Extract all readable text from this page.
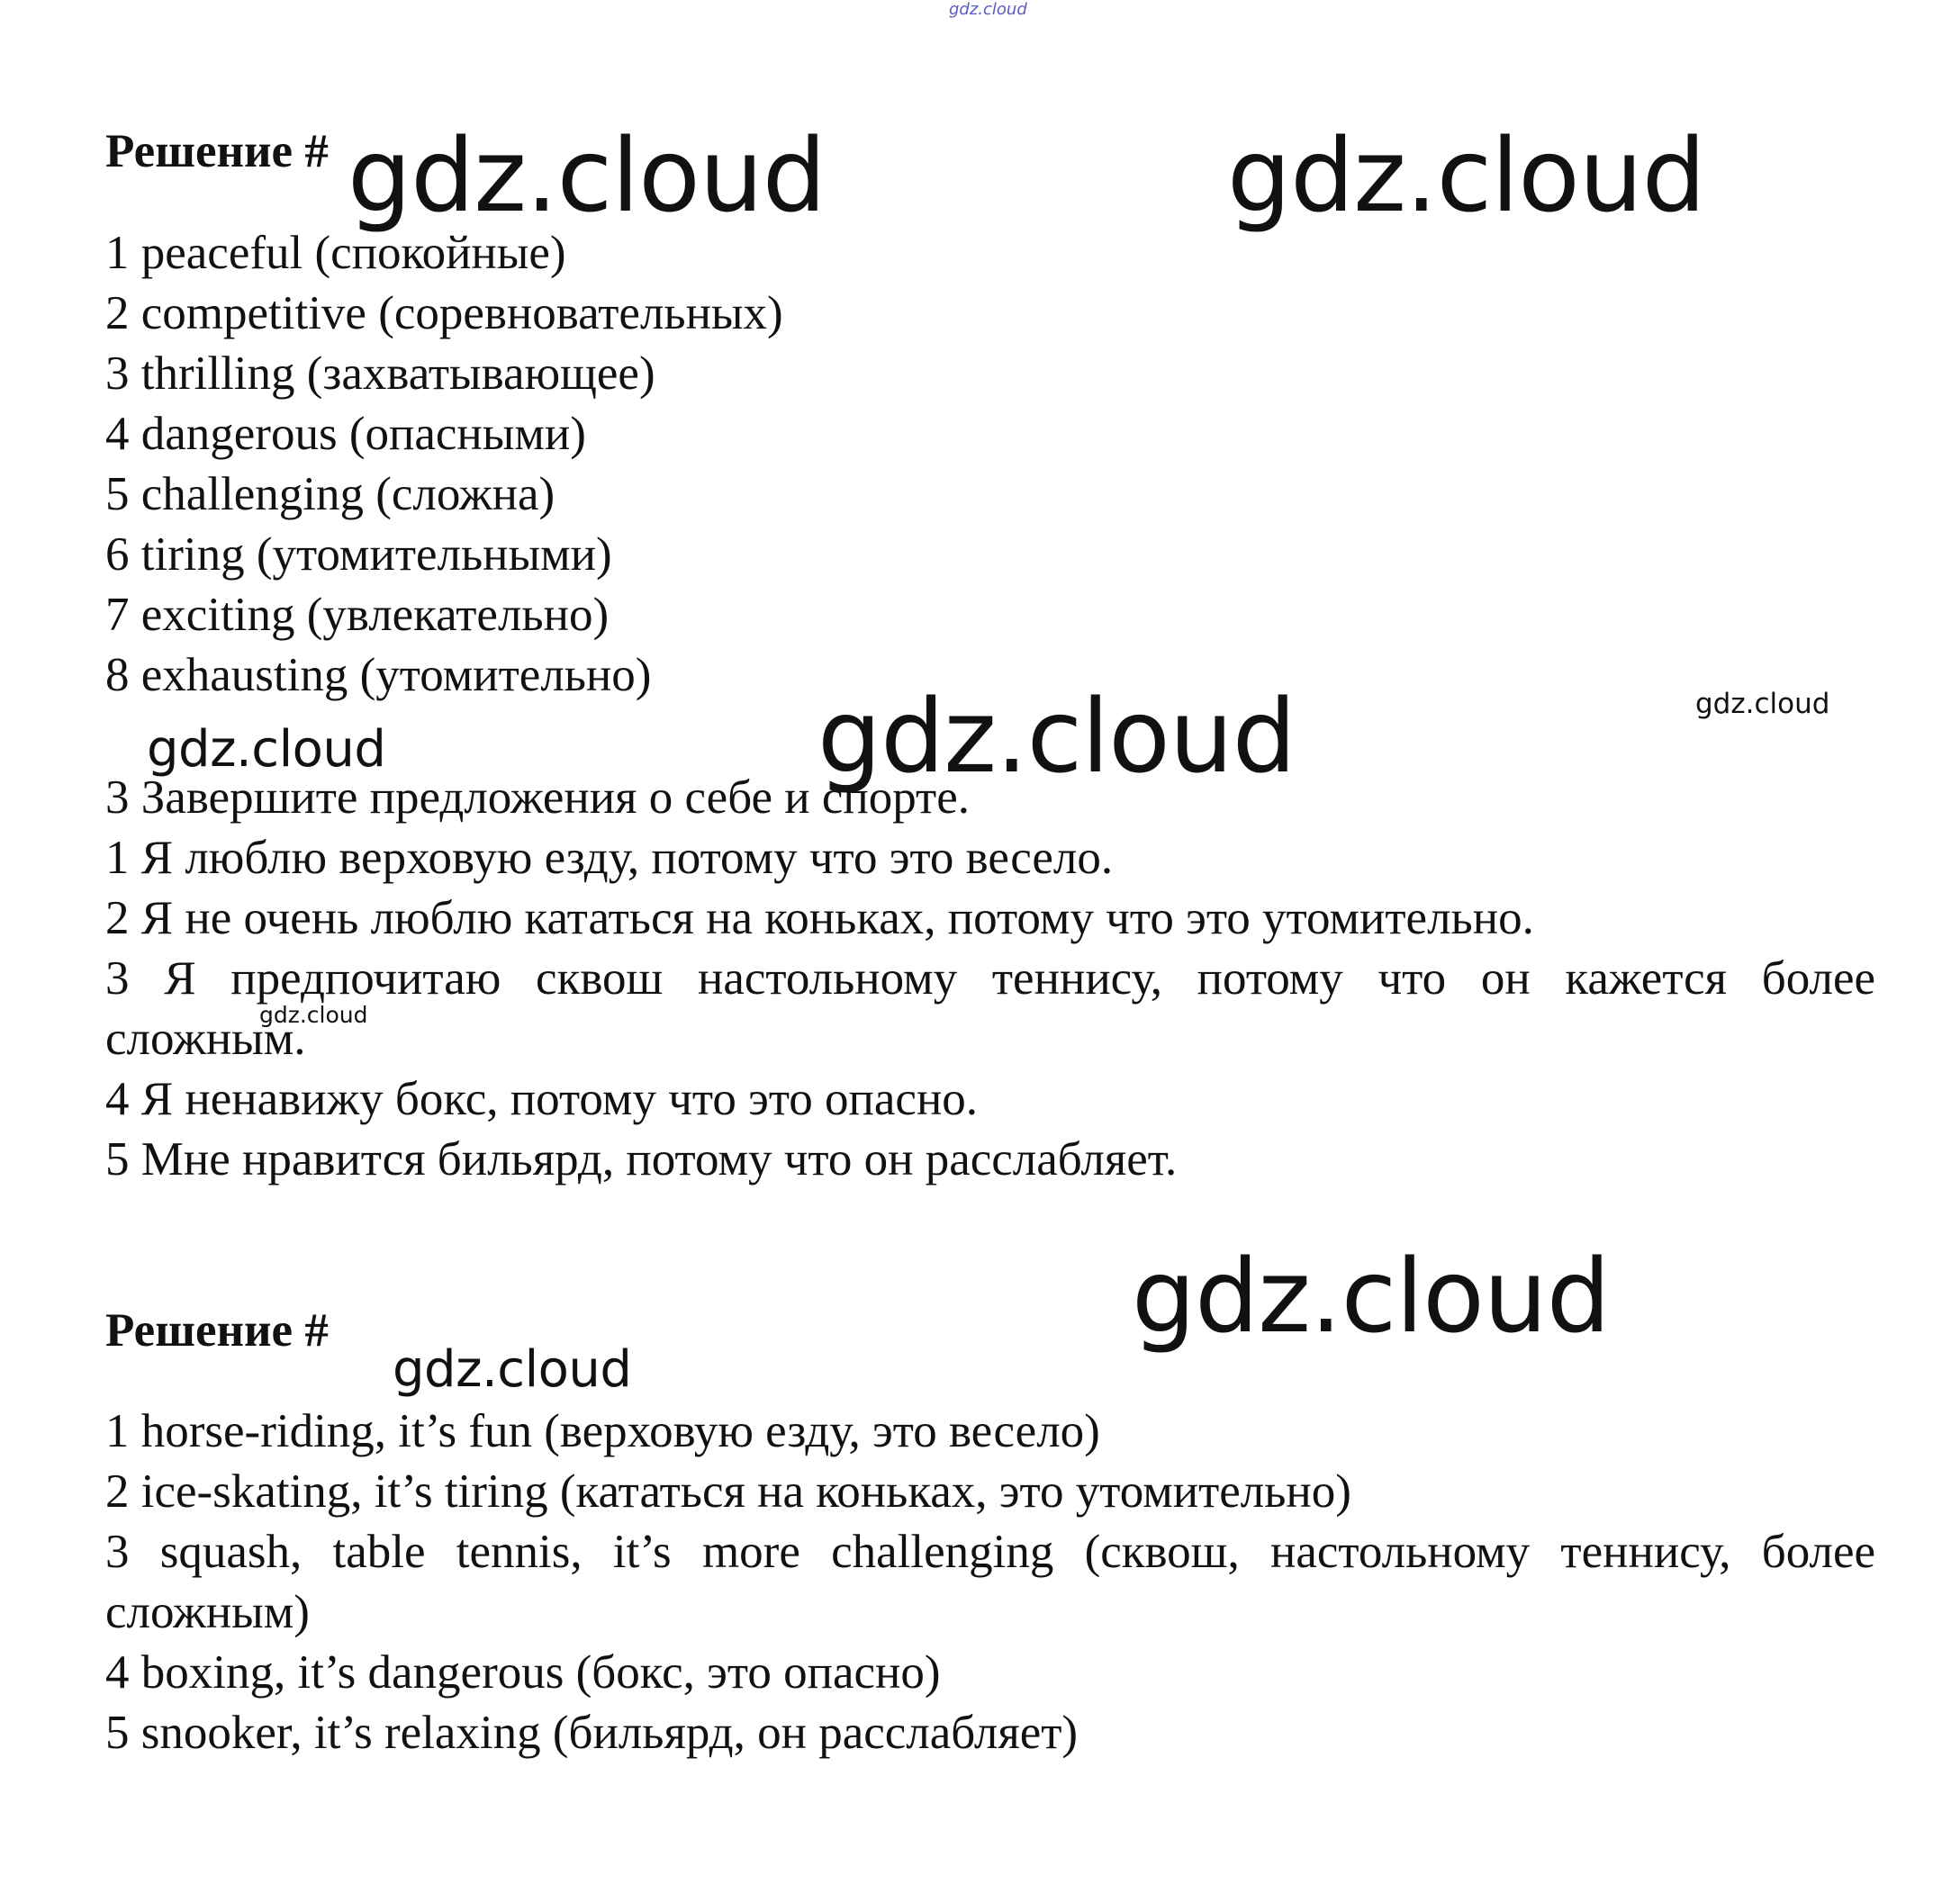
gdz.cloud
Решение #
1 peaceful (спокойные)
2 competitive (соревновательных)
3 thrilling (захватывающее)
4 dangerous (опасными)
5 challenging (сложна)
6 tiring (утомительными)
7 exciting (увлекательно)
8 exhausting (утомительно)
3 Завершите предложения о себе и спорте.
1 Я люблю верховую езду, потому что это весело.
2 Я не очень люблю кататься на коньках, потому что это утомительно.
3 Я предпочитаю сквош настольному теннису, потому что он кажется более
сложным.
4 Я ненавижу бокс, потому что это опасно.
5 Мне нравится бильярд, потому что он расслабляет.
Решение #
1 horse-riding, it’s fun (верховую езду, это весело)
2 ice-skating, it’s tiring (кататься на коньках, это утомительно)
3 squash, table tennis, it’s more challenging (сквош, настольному теннису, более
сложным)
4 boxing, it’s dangerous (бокс, это опасно)
5 snooker, it’s relaxing (бильярд, он расслабляет)
gdz.cloud	gdz.cloud
gdz.cloud
gdz.cloud
gdz.cloud
gdz.cloud
gdz.cloud
gdz.cloud
